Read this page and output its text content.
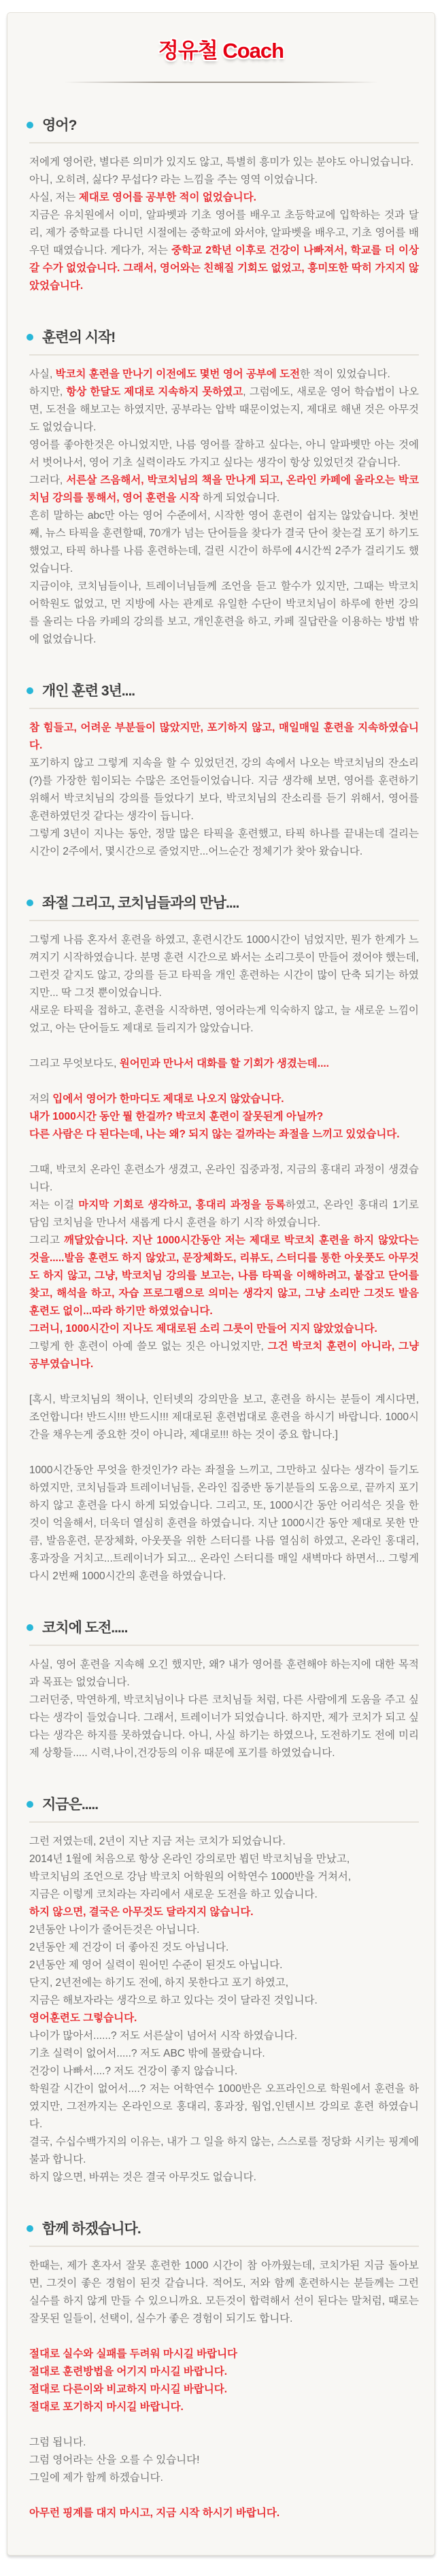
정유철 Coach
영어?

저에게 영어란, 별다른 의미가 있지도 않고, 특별히 흥미가 있는 분야도 아니었습니다.

아니, 오히려, 싫다? 무섭다? 라는 느낌을 주는 영역 이었습니다.

사실, 저는 제대로 영어를 공부한 적이 없었습니다.

지금은 유치원에서 이미, 알파벳과 기초 영어를 배우고 초등학교에 입학하는 것과 달리, 제가 중학교를 다니던 시절에는 중학교에 와서야, 알파벳을 배우고, 기초 영어를 배우던 때였습니다. 게다가, 저는 중학교 2학년 이후로 건강이 나빠져서, 학교를 더 이상 갈 수가 없었습니다. 그래서, 영어와는 친해질 기회도 없었고, 흥미또한 딱히 가지지 않았었습니다.

훈련의 시작!

사실, 박코치 훈련을 만나기 이전에도 몇번 영어 공부에 도전한 적이 있었습니다.

하지만, 항상 한달도 제대로 지속하지 못하였고, 그럼에도, 새로운 영어 학습법이 나오면, 도전을 해보고는 하였지만, 공부라는 압박 때문이었는지, 제대로 해낸 것은 아무것도 없었습니다.

영어를 좋아한것은 아니었지만, 나름 영어를 잘하고 싶다는, 아니 알파벳만 아는 것에서 벗어나서, 영어 기초 실력이라도 가지고 싶다는 생각이 항상 있었던것 같습니다.

그러다, 서른살 즈음해서, 박코치님의 책을 만나게 되고, 온라인 카페에 올라오는 박코치님 강의를 통해서, 영어 훈련을 시작 하게 되었습니다.

흔히 말하는 abc만 아는 영어 수준에서, 시작한 영어 훈련이 쉽지는 않았습니다. 첫번째, 뉴스 타픽을 훈련할때, 70개가 넘는 단어들을 찾다가 결국 단어 찾는걸 포기 하기도 했었고, 타픽 하나를 나름 훈련하는데, 걸린 시간이 하루에 4시간씩 2주가 걸리기도 했었습니다.

지금이야, 코치님들이나, 트레이너님들께 조언을 듣고 할수가 있지만, 그때는 박코치 어학원도 없었고, 먼 지방에 사는 관계로 유일한 수단이 박코치님이 하루에 한번 강의를 올리는 다음 카페의 강의를 보고, 개인훈련을 하고, 카페 질답란을 이용하는 방법 밖에 없었습니다.

개인 훈련 3년....

참 힘들고, 어려운 부분들이 많았지만, 포기하지 않고, 매일매일 훈련을 지속하였습니다.

포기하지 않고 그렇게 지속을 할 수 있었던건, 강의 속에서 나오는 박코치님의 잔소리(?)를 가장한 힘이되는 수많은 조언들이었습니다. 지금 생각해 보면, 영어를 훈련하기 위해서 박코치님의 강의를 들었다기 보다, 박코치님의 잔소리를 듣기 위해서, 영어를 훈련하였던것 같다는 생각이 듭니다.

그렇게 3년이 지나는 동안, 정말 많은 타픽을 훈련했고, 타픽 하나를 끝내는데 걸리는 시간이 2주에서, 몇시간으로 줄었지만...어느순간 정체기가 찾아 왔습니다.

좌절 그리고, 코치님들과의 만남....

그렇게 나름 혼자서 훈련을 하였고, 훈련시간도 1000시간이 넘었지만, 뭔가 한계가 느껴지기 시작하였습니다. 분명 훈련 시간으로 봐서는 소리그릇이 만들어 졌어야 했는데, 그런것 같지도 않고, 강의를 듣고 타픽을 개인 훈련하는 시간이 많이 단축 되기는 하였지만... 딱 그것 뿐이었습니다.

새로운 타픽을 접하고, 훈련을 시작하면, 영어라는게 익숙하지 않고, 늘 새로운 느낌이었고, 아는 단어들도 제대로 들리지가 않았습니다.

그리고 무엇보다도, 원어민과 만나서 대화를 할 기회가 생겼는데....

저의 입에서 영어가 한마디도 제대로 나오지 않았습니다.

내가 1000시간 동안 뭘 한걸까? 박코치 훈련이 잘못된게 아닐까?

다른 사람은 다 된다는데, 나는 왜? 되지 않는 걸까라는 좌절을 느끼고 있었습니다.

그때, 박코치 온라인 훈련소가 생겼고, 온라인 집중과정, 지금의 홍대리 과정이 생겼습니다.

저는 이걸 마지막 기회로 생각하고, 홍대리 과정을 등록하였고, 온라인 홍대리 1기로 담임 코치님을 만나서 새롭게 다시 훈련을 하기 시작 하였습니다.

그리고 깨달았습니다. 지난 1000시간동안 저는 제대로 박코치 훈련을 하지 않았다는 것을.....발음 훈련도 하지 않았고, 문장체화도, 리뷰도, 스터디를 통한 아웃풋도 아무것도 하지 않고, 그냥, 박코치님 강의를 보고는, 나름 타픽을 이해하려고, 붙잡고 단어를 찾고, 해석을 하고, 자습 프로그램으로 의미는 생각지 않고, 그냥 소리만 그것도 발음 훈련도 없이...따라 하기만 하였었습니다.

그러니, 1000시간이 지나도 제대로된 소리 그릇이 만들어 지지 않았었습니다.

그렇게 한 훈련이 아예 쓸모 없는 짓은 아니었지만, 그건 박코치 훈련이 아니라, 그냥 공부였습니다.

[혹시, 박코치님의 책이나, 인터넷의 강의만을 보고, 훈련을 하시는 분들이 계시다면, 조언합니다! 반드시!!! 반드시!!! 제대로된 훈련법대로 훈련을 하시기 바랍니다. 1000시간을 채우는게 중요한 것이 아니라, 제대로!!! 하는 것이 중요 합니다.]

1000시간동안 무엇을 한것인가? 라는 좌절을 느끼고, 그만하고 싶다는 생각이 들기도 하였지만, 코치님들과 트레이너님들, 온라인 집중반 동기분들의 도움으로, 끝까지 포기하지 않고 훈련을 다시 하게 되었습니다. 그리고, 또, 1000시간 동안 어리석은 짓을 한것이 억울해서, 더욱더 열심히 훈련을 하였습니다. 지난 1000시간 동안 제대로 못한 만큼, 발음훈련, 문장체화, 아웃풋을 위한 스터디를 나름 열심히 하였고, 온라인 홍대리, 홍과장을 거치고...트레이너가 되고... 온라인 스터디를 매일 새벽마다 하면서... 그렇게 다시 2번째 1000시간의 훈련을 하였습니다.

코치에 도전.....

사실, 영어 훈련을 지속해 오긴 했지만, 왜? 내가 영어를 훈련해야 하는지에 대한 목적과 목표는 없었습니다.

그러던중, 막연하게, 박코치님이나 다른 코치님들 처럼, 다른 사람에게 도움을 주고 싶다는 생각이 들었습니다. 그래서, 트레이너가 되었습니다. 하지만, 제가 코치가 되고 싶다는 생각은 하지를 못하였습니다. 아니, 사실 하기는 하였으나, 도전하기도 전에 미리 제 상황들..... 시력,나이,건강등의 이유 때문에 포기를 하였었습니다.

지금은.....

그런 저였는데, 2년이 지난 지금 저는 코치가 되었습니다.

2014년 1월에 처음으로 항상 온라인 강의로만 뵙던 박코치님을 만났고,

박코치님의 조언으로 강남 박코치 어학원의 어학연수 1000반을 거쳐서,

지금은 이렇게 코치라는 자리에서 새로운 도전을 하고 있습니다.

하지 않으면, 결국은 아무것도 달라지지 않습니다.

2년동안 나이가 줄어든것은 아닙니다.

2년동안 제 건강이 더 좋아진 것도 아닙니다.

2년동안 제 영어 실력이 원어민 수준이 된것도 아닙니다.

단지, 2년전에는 하기도 전에, 하지 못한다고 포기 하였고,

지금은 해보자라는 생각으로 하고 있다는 것이 달라진 것입니다.

영어훈련도 그렇습니다.

나이가 많아서......? 저도 서른살이 넘어서 시작 하였습니다.

기초 실력이 없어서.....? 저도 ABC 밖에 몰랐습니다.

건강이 나빠서....? 저도 건강이 좋지 않습니다.

학원갈 시간이 없어서....? 저는 어학연수 1000반은 오프라인으로 학원에서 훈련을 하였지만, 그전까지는 온라인으로 홍대리, 홍과장, 웜업,인텐시브 강의로 훈련 하였습니다.

결국, 수십수백가지의 이유는, 내가 그 일을 하지 않는, 스스로를 정당화 시키는 핑계에 불과 합니다.

하지 않으면, 바뀌는 것은 결국 아무것도 없습니다.

함께 하겠습니다.

한때는, 제가 혼자서 잘못 훈련한 1000 시간이 참 아까웠는데, 코치가된 지금 돌아보면, 그것이 좋은 경험이 된것 같습니다. 적어도, 저와 함께 훈련하시는 분들께는 그런 실수를 하지 않게 만들 수 있으니까요. 모든것이 합력해서 선이 된다는 말처럼, 때로는 잘못된 일들이, 선택이, 실수가 좋은 경험이 되기도 합니다.

절대로 실수와 실패를 두려워 마시길 바랍니다

절대로 훈련방법을 어기지 마시길 바랍니다.

절대로 다른이와 비교하지 마시길 바랍니다.

절대로 포기하지 마시길 바랍니다.

그럼 됩니다.

그럼 영어라는 산을 오를 수 있습니다!

그일에 제가 함께 하겠습니다.

아무런 핑계를 대지 마시고, 지금 시작 하시기 바랍니다.
